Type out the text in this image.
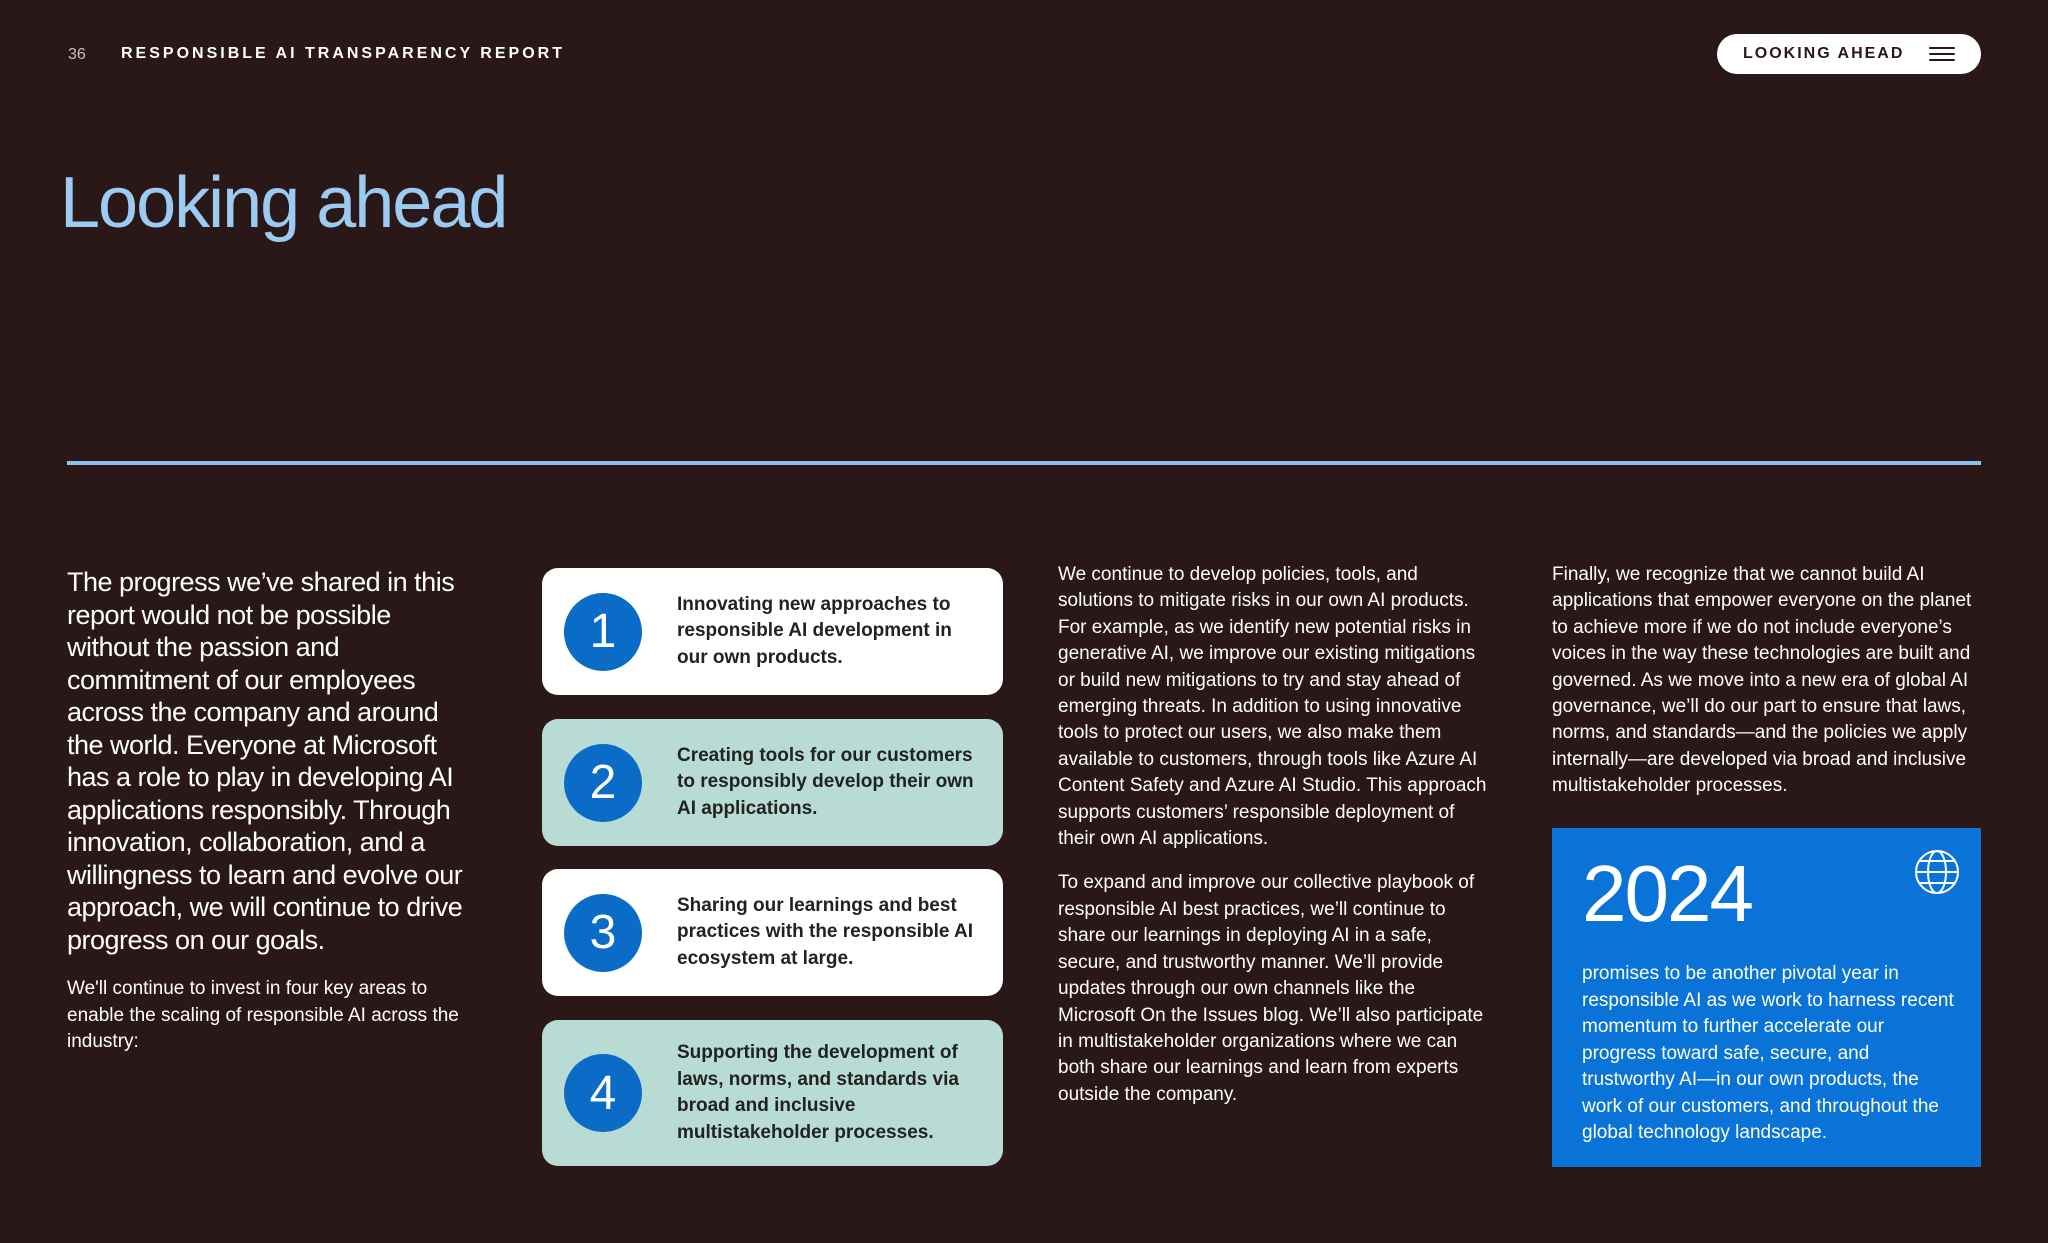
36 RESPONSIBLE AI TRANSPARENCY REPORT	LOOKING AHEAD
Looking ahead

The progress we’ve shared in this report would not be possible without the passion and commitment of our employees across the company and around the world. Everyone at Microsoft has a role to play in developing AI applications responsibly. Through innovation, collaboration, and a willingness to learn and evolve our approach, we will continue to drive progress on our goals.

We'll continue to invest in four key areas to enable the scaling of responsible AI across the industry:

1
Innovating new approaches to responsible AI development in our own products.
2
Creating tools for our customers to responsibly develop their own AI applications.
3
Sharing our learnings and best practices with the responsible AI ecosystem at large.
4
Supporting the development of laws, norms, and standards via broad and inclusive multistakeholder processes.

We continue to develop policies, tools, and solutions to mitigate risks in our own AI products. For example, as we identify new potential risks in generative AI, we improve our existing mitigations or build new mitigations to try and stay ahead of emerging threats. In addition to using innovative tools to protect our users, we also make them available to customers, through tools like Azure AI Content Safety and Azure AI Studio. This approach supports customers’ responsible deployment of their own AI applications.

To expand and improve our collective playbook of responsible AI best practices, we’ll continue to share our learnings in deploying AI in a safe, secure, and trustworthy manner. We’ll provide updates through our own channels like the Microsoft On the Issues blog. We’ll also participate in multistakeholder organizations where we can both share our learnings and learn from experts outside the company.

Finally, we recognize that we cannot build AI applications that empower everyone on the planet to achieve more if we do not include everyone’s voices in the way these technologies are built and governed. As we move into a new era of global AI governance, we’ll do our part to ensure that laws, norms, and standards—and the policies we apply internally—are developed via broad and inclusive multistakeholder processes.

2024
promises to be another pivotal year in responsible AI as we work to harness recent momentum to further accelerate our progress toward safe, secure, and trustworthy AI—in our own products, the work of our customers, and throughout the global technology landscape.
